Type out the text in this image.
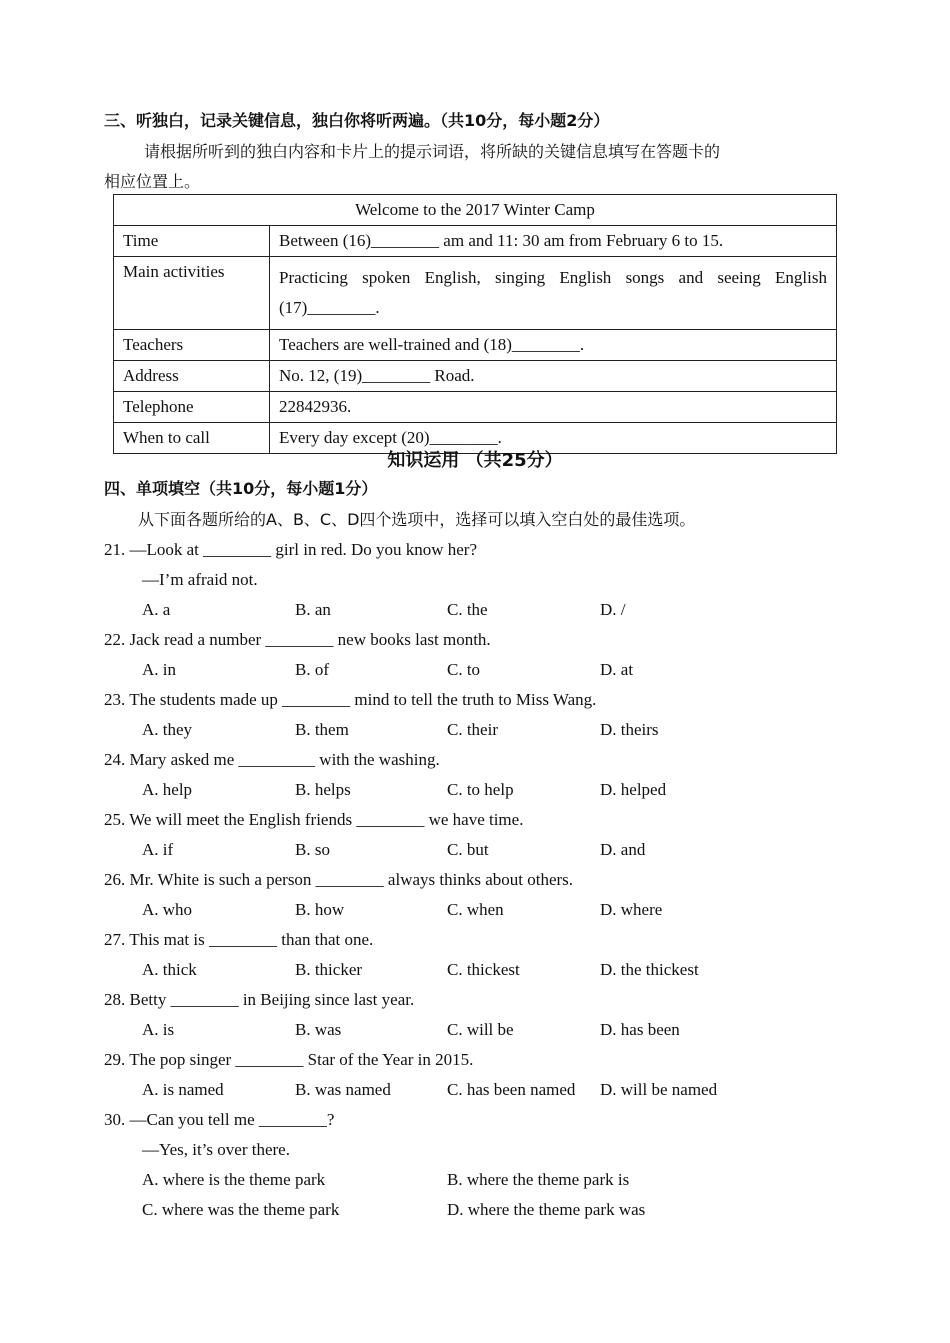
三、听独白，记录关键信息，独白你将听两遍。（共10分，每小题2分）
请根据所听到的独白内容和卡片上的提示词语，将所缺的关键信息填写在答题卡的
相应位置上。
Welcome to the 2017 Winter Camp	
Time	Between (16)________ am and 11: 30 am from February 6 to 15.
Main activities	Practicing spoken English, singing English songs and seeing English (17)________.
Teachers	Teachers are well-trained and (18)________.
Address	No. 12, (19)________ Road.
Telephone	22842936.
When to call	Every day except (20)________.
知识运用 （共25分）
四、单项填空（共10分，每小题1分）
从下面各题所给的A、B、C、D四个选项中，选择可以填入空白处的最佳选项。
21. —Look at ________ girl in red. Do you know her?
—I’m afraid not.
A. a	B. an	C. the	D. /
22. Jack read a number ________ new books last month.
A. in	B. of	C. to	D. at
23. The students made up ________ mind to tell the truth to Miss Wang.
A. they	B. them	C. their	D. theirs
24. Mary asked me _________ with the washing.
A. help	B. helps	C. to help	D. helped
25. We will meet the English friends ________ we have time.
A. if	B. so	C. but	D. and
26. Mr. White is such a person ________ always thinks about others.
A. who	B. how	C. when	D. where
27. This mat is ________ than that one.
A. thick	B. thicker	C. thickest	D. the thickest
28. Betty ________ in Beijing since last year.
A. is	B. was	C. will be	D. has been
29. The pop singer ________ Star of the Year in 2015.
A. is named	B. was named	C. has been named D. will be named
30. —Can you tell me ________?
—Yes, it’s over there.
A. where is the theme park	B. where the theme park is
C. where was the theme park	D. where the theme park was
